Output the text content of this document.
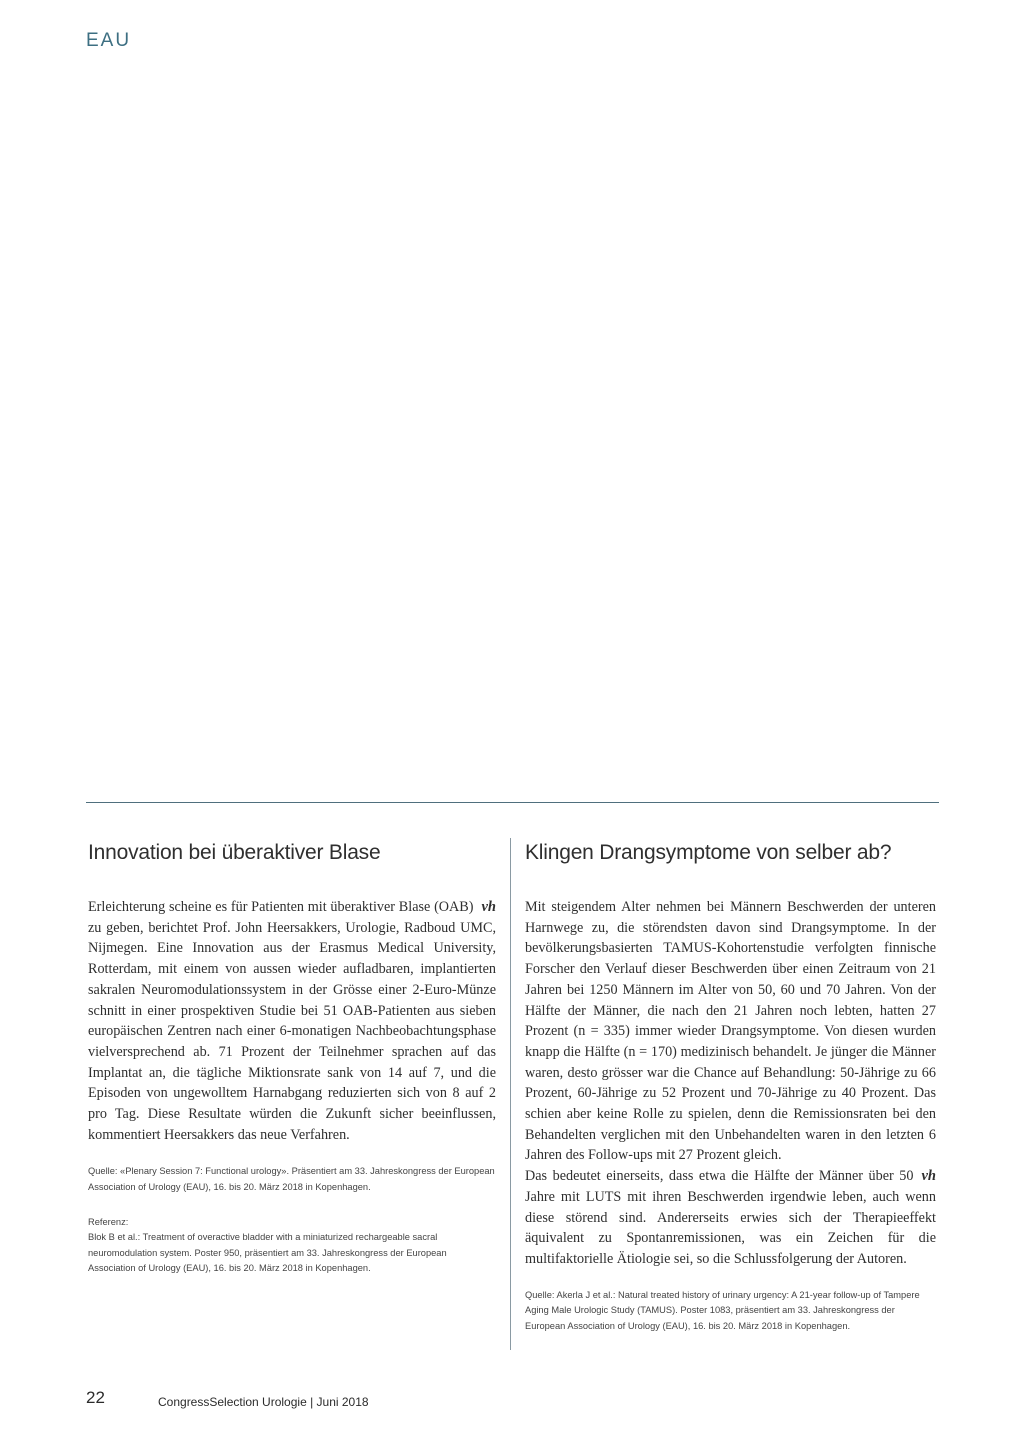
EAU
Innovation bei überaktiver Blase

vh
Erleichterung scheine es für Patienten mit überaktiver Blase (OAB) zu geben, berichtet Prof. John Heersakkers, Urologie, Radboud UMC, Nijmegen. Eine Innovation aus der Erasmus Medical University, Rotterdam, mit einem von aussen wieder aufladbaren, implantierten sakralen Neuromodulationssystem in der Grösse einer 2-Euro-Münze schnitt in einer prospektiven Studie bei 51 OAB-Patienten aus sieben europäischen Zentren nach einer 6-monatigen Nachbeobachtungsphase vielversprechend ab. 71 Prozent der Teilnehmer sprachen auf das Implantat an, die tägliche Miktionsrate sank von 14 auf 7, und die Episoden von ungewolltem Harnabgang reduzierten sich von 8 auf 2 pro Tag. Diese Resultate würden die Zukunft sicher beeinflussen, kommentiert Heersakkers das neue Verfahren.

Quelle: «Plenary Session 7: Functional urology». Präsentiert am 33. Jahreskongress der European Association of Urology (EAU), 16. bis 20. März 2018 in Kopenhagen.

Referenz:

Blok B et al.: Treatment of overactive bladder with a miniaturized rechargeable sacral neuromodulation system. Poster 950, präsentiert am 33. Jahreskongress der European Association of Urology (EAU), 16. bis 20. März 2018 in Kopenhagen.

Klingen Drangsymptome von selber ab?

Mit steigendem Alter nehmen bei Männern Beschwerden der unteren Harnwege zu, die störendsten davon sind Drangsymptome. In der bevölkerungsbasierten TAMUS-Kohortenstudie verfolgten finnische Forscher den Verlauf dieser Beschwerden über einen Zeitraum von 21 Jahren bei 1250 Männern im Alter von 50, 60 und 70 Jahren. Von der Hälfte der Männer, die nach den 21 Jahren noch lebten, hatten 27 Prozent (n = 335) immer wieder Drangsymptome. Von diesen wurden knapp die Hälfte (n = 170) medizinisch behandelt. Je jünger die Männer waren, desto grösser war die Chance auf Behandlung: 50-Jährige zu 66 Prozent, 60-Jährige zu 52 Prozent und 70-Jährige zu 40 Prozent. Das schien aber keine Rolle zu spielen, denn die Remissionsraten bei den Behandelten verglichen mit den Unbehandelten waren in den letzten 6 Jahren des Follow-ups mit 27 Prozent gleich.

vh
Das bedeutet einerseits, dass etwa die Hälfte der Männer über 50 Jahre mit LUTS mit ihren Beschwerden irgendwie leben, auch wenn diese störend sind. Andererseits erwies sich der Therapieeffekt äquivalent zu Spontanremissionen, was ein Zeichen für die multifaktorielle Ätiologie sei, so die Schlussfolgerung der Autoren.

Quelle: Akerla J et al.: Natural treated history of urinary urgency: A 21-year follow-up of Tampere Aging Male Urologic Study (TAMUS). Poster 1083, präsentiert am 33. Jahreskongress der European Association of Urology (EAU), 16. bis 20. März 2018 in Kopenhagen.

22	CongressSelection Urologie | Juni 2018
